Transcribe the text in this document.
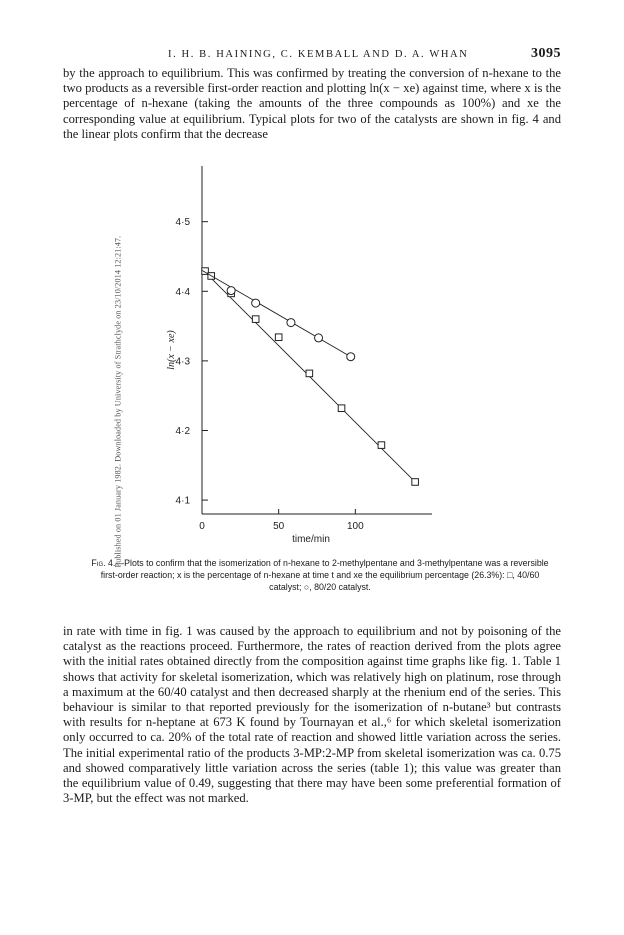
Published on 01 January 1982. Downloaded by University of Strathclyde on 23/10/2014 12:21:47.
I. H. B. HAINING, C. KEMBALL AND D. A. WHAN	3095

by the approach to equilibrium. This was confirmed by treating the conversion of n-hexane to the two products as a reversible first-order reaction and plotting ln(x − xe) against time, where x is the percentage of n-hexane (taking the amounts of the three compounds as 100%) and xe the corresponding value at equilibrium. Typical plots for two of the catalysts are shown in fig. 4 and the linear plots confirm that the decrease

4·1
4·2
4·3
4·4
4·5
0	50	100
time/min
ln(x − xe)
Fig. 4.—Plots to confirm that the isomerization of n-hexane to 2-methylpentane and 3-methylpentane was a reversible first-order reaction; x is the percentage of n-hexane at time t and xe the equilibrium percentage (26.3%): □, 40/60 catalyst; ○, 80/20 catalyst.

in rate with time in fig. 1 was caused by the approach to equilibrium and not by poisoning of the catalyst as the reactions proceed. Furthermore, the rates of reaction derived from the plots agree with the initial rates obtained directly from the composition against time graphs like fig. 1. Table 1 shows that activity for skeletal isomerization, which was relatively high on platinum, rose through a maximum at the 60/40 catalyst and then decreased sharply at the rhenium end of the series. This behaviour is similar to that reported previously for the isomerization of n-butane³ but contrasts with results for n-heptane at 673 K found by Tournayan et al.,⁶ for which skeletal isomerization only occurred to ca. 20% of the total rate of reaction and showed little variation across the series. The initial experimental ratio of the products 3-MP:2-MP from skeletal isomerization was ca. 0.75 and showed comparatively little variation across the series (table 1); this value was greater than the equilibrium value of 0.49, suggesting that there may have been some preferential formation of 3-MP, but the effect was not marked.
